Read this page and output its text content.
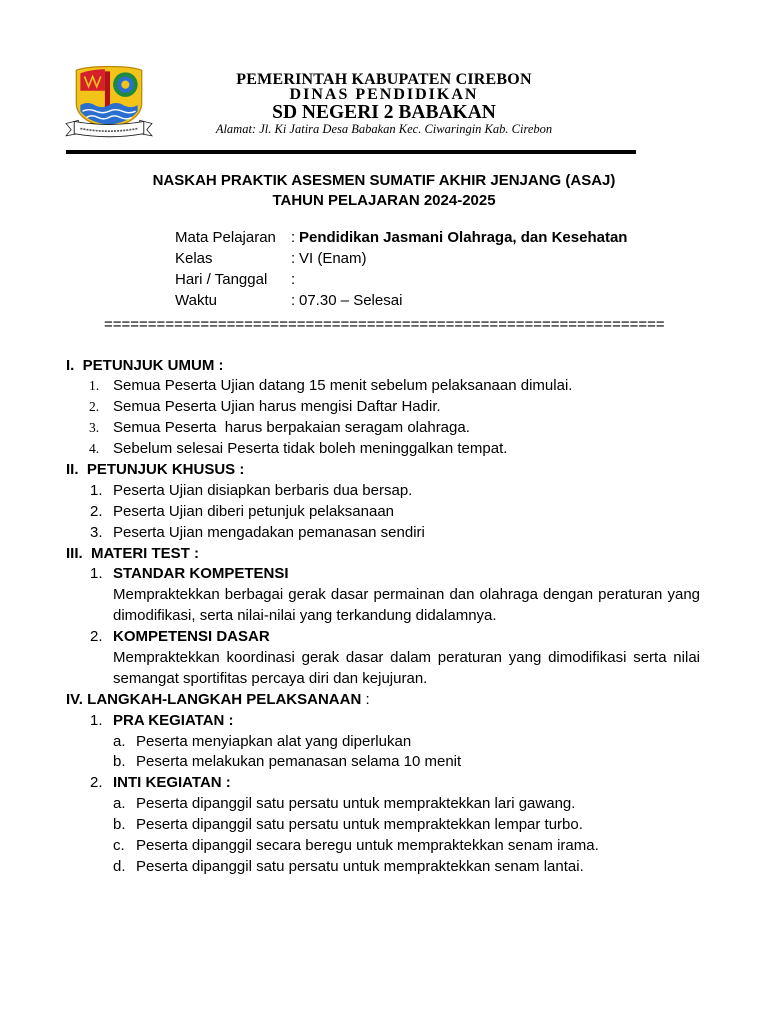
PEMERINTAH KABUPATEN CIREBON
DINAS PENDIDIKAN
SD NEGERI 2 BABAKAN
Alamat: Jl. Ki Jatira Desa Babakan Kec. Ciwaringin Kab. Cirebon
NASKAH PRAKTIK ASESMEN SUMATIF AKHIR JENJANG (ASAJ)
TAHUN PELAJARAN 2024-2025
Mata Pelajaran : Pendidikan Jasmani Olahraga, dan Kesehatan
Kelas	: VI (Enam)
Hari / Tanggal :
Waktu	: 07.30 – Selesai
================================================================
I. PETUNJUK UMUM :
1. Semua Peserta Ujian datang 15 menit sebelum pelaksanaan dimulai.
2. Semua Peserta Ujian harus mengisi Daftar Hadir.
3. Semua Peserta  harus berpakaian seragam olahraga.
4. Sebelum selesai Peserta tidak boleh meninggalkan tempat.
II. PETUNJUK KHUSUS :
1. Peserta Ujian disiapkan berbaris dua bersap.
2. Peserta Ujian diberi petunjuk pelaksanaan
3. Peserta Ujian mengadakan pemanasan sendiri
III. MATERI TEST :
1. STANDAR KOMPETENSI
Mempraktekkan berbagai gerak dasar permainan dan olahraga dengan peraturan yang
dimodifikasi, serta nilai-nilai yang terkandung didalamnya.
2. KOMPETENSI DASAR
Mempraktekkan koordinasi gerak dasar dalam peraturan yang dimodifikasi serta nilai
semangat sportifitas percaya diri dan kejujuran.
IV. LANGKAH-LANGKAH PELAKSANAAN :
1. PRA KEGIATAN :
a. Peserta menyiapkan alat yang diperlukan
b. Peserta melakukan pemanasan selama 10 menit
2. INTI KEGIATAN :
a. Peserta dipanggil satu persatu untuk mempraktekkan lari gawang.
b. Peserta dipanggil satu persatu untuk mempraktekkan lempar turbo.
c. Peserta dipanggil secara beregu untuk mempraktekkan senam irama.
d. Peserta dipanggil satu persatu untuk mempraktekkan senam lantai.
